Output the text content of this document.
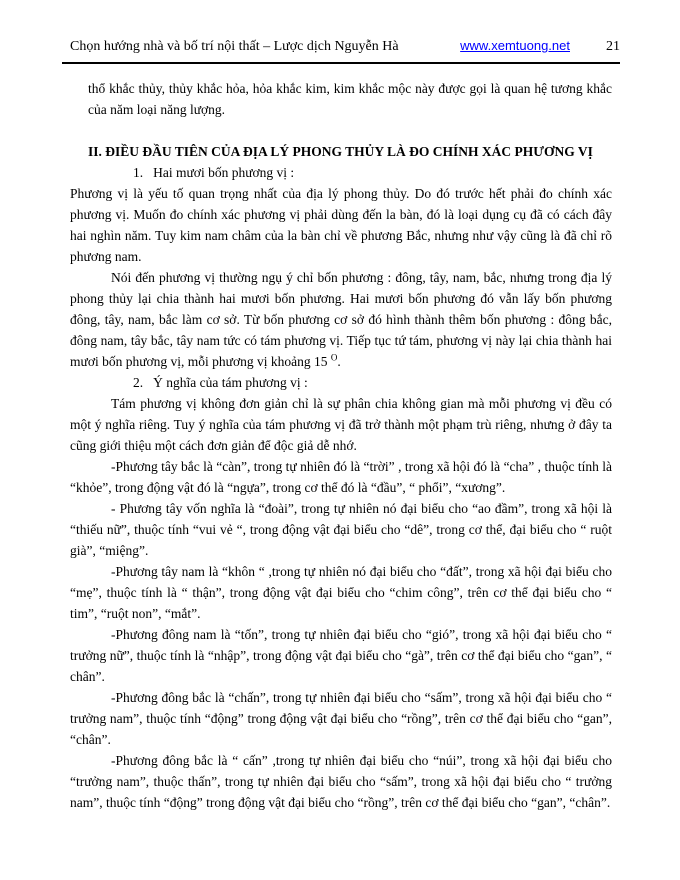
Chọn hướng nhà và bố trí nội thất – Lược dịch Nguyễn Hà	www.xemtuong.net	21

thổ khắc thủy, thủy khắc hỏa, hỏa khắc kim, kim khắc mộc này được gọi là quan hệ tương khắc của năm loại năng lượng.

II. ĐIỀU ĐẦU TIÊN CỦA ĐỊA LÝ PHONG THỦY LÀ ĐO CHÍNH XÁC PHƯƠNG VỊ

1. Hai mươi bốn phương vị :

Phương vị là yếu tố quan trọng nhất của địa lý phong thủy. Do đó trước hết phải đo chính xác phương vị. Muốn đo chính xác phương vị phải dùng đến la bàn, đó là loại dụng cụ đã có cách đây hai nghìn năm. Tuy kim nam châm của la bàn chỉ về phương Bắc, nhưng như vậy cũng là đã chỉ rõ phương nam.

Nói đến phương vị thường ngụ ý chỉ bốn phương : đông, tây, nam, bắc, nhưng trong địa lý phong thủy lại chia thành hai mươi bốn phương. Hai mươi bốn phương đó vẫn lấy bốn phương đông, tây, nam, bắc làm cơ sở. Từ bốn phương cơ sở đó hình thành thêm bốn phương : đông bắc, đông nam, tây bắc, tây nam tức có tám phương vị. Tiếp tục tứ tám, phương vị này lại chia thành hai mươi bốn phương vị, mỗi phương vị khoảng 15 $^O$.

2. Ý nghĩa của tám phương vị :

Tám phương vị không đơn giản chỉ là sự phân chia không gian mà mỗi phương vị đều có một ý nghĩa riêng. Tuy ý nghĩa của tám phương vị đã trở thành một phạm trù riêng, nhưng ở đây ta cũng giới thiệu một cách đơn giản để độc giả dễ nhớ.

-Phương tây bắc là “càn”, trong tự nhiên đó là “trời” , trong xã hội đó là “cha” , thuộc tính là “khỏe”, trong động vật đó là “ngựa”, trong cơ thể đó là “đầu”, “ phổi”, “xương”.

- Phương tây vốn nghĩa là “đoài”, trong tự nhiên nó đại biểu cho “ao đầm”, trong xã hội là “thiếu nữ”, thuộc tính “vui vẻ “, trong động vật đại biểu cho “dê”, trong cơ thể, đại biểu cho “ ruột già”, “miệng”.

-Phương tây nam là “khôn “ ,trong tự nhiên nó đại biểu cho “đất”, trong xã hội đại biểu cho “mẹ”, thuộc tính là “ thận”, trong động vật đại biểu cho “chim công”, trên cơ thể đại biểu cho “ tim”, “ruột non”, “mắt”.

-Phương đông nam là “tốn”, trong tự nhiên đại biểu cho “gió”, trong xã hội đại biểu cho “ trưởng nữ”, thuộc tính là “nhập”, trong động vật đại biểu cho “gà”, trên cơ thể đại biểu cho “gan”, “ chân”.

-Phương đông bắc là “chấn”, trong tự nhiên đại biểu cho “sấm”, trong xã hội đại biểu cho “ trưởng nam”, thuộc tính “động” trong động vật đại biểu cho “rồng”, trên cơ thể đại biểu cho “gan”, “chân”.

-Phương đông bắc là “ cấn” ,trong tự nhiên đại biểu cho “núi”, trong xã hội đại biểu cho “trưởng nam”, thuộc thấn”, trong tự nhiên đại biểu cho “sấm”, trong xã hội đại biểu cho “ trưởng nam”, thuộc tính “động” trong động vật đại biểu cho “rồng”, trên cơ thể đại biểu cho “gan”, “chân”.
